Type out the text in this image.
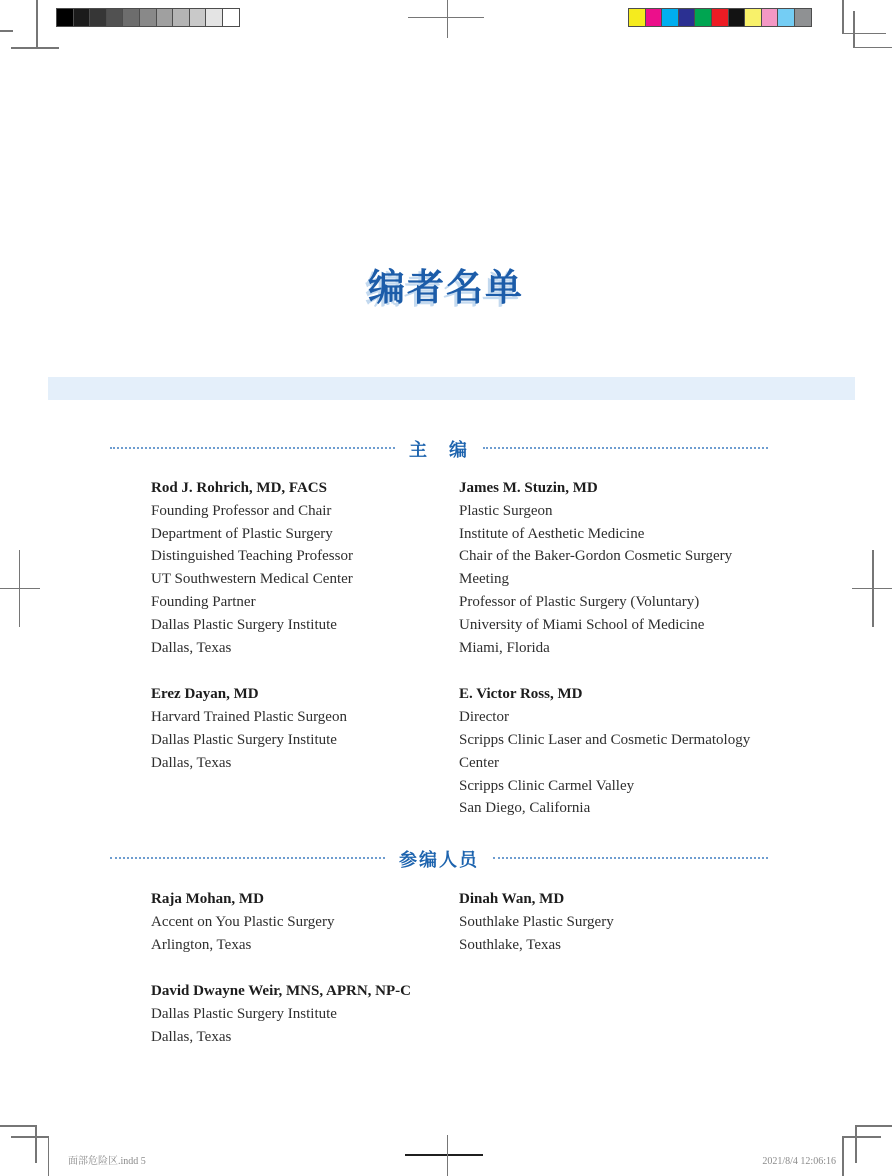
编者名单
主　编
Rod J. Rohrich, MD, FACS
Founding Professor and Chair
Department of Plastic Surgery
Distinguished Teaching Professor
UT Southwestern Medical Center
Founding Partner
Dallas Plastic Surgery Institute
Dallas, Texas
Erez Dayan, MD
Harvard Trained Plastic Surgeon
Dallas Plastic Surgery Institute
Dallas, Texas
James M. Stuzin, MD
Plastic Surgeon
Institute of Aesthetic Medicine
Chair of the Baker-Gordon Cosmetic Surgery
Meeting
Professor of Plastic Surgery (Voluntary)
University of Miami School of Medicine
Miami, Florida
E. Victor Ross, MD
Director
Scripps Clinic Laser and Cosmetic Dermatology
Center
Scripps Clinic Carmel Valley
San Diego, California
参编人员
Raja Mohan, MD
Accent on You Plastic Surgery
Arlington, Texas
David Dwayne Weir, MNS, APRN, NP-C
Dallas Plastic Surgery Institute
Dallas, Texas
Dinah Wan, MD
Southlake Plastic Surgery
Southlake, Texas
面部危险区.indd 5	2021/8/4 12:06:16
